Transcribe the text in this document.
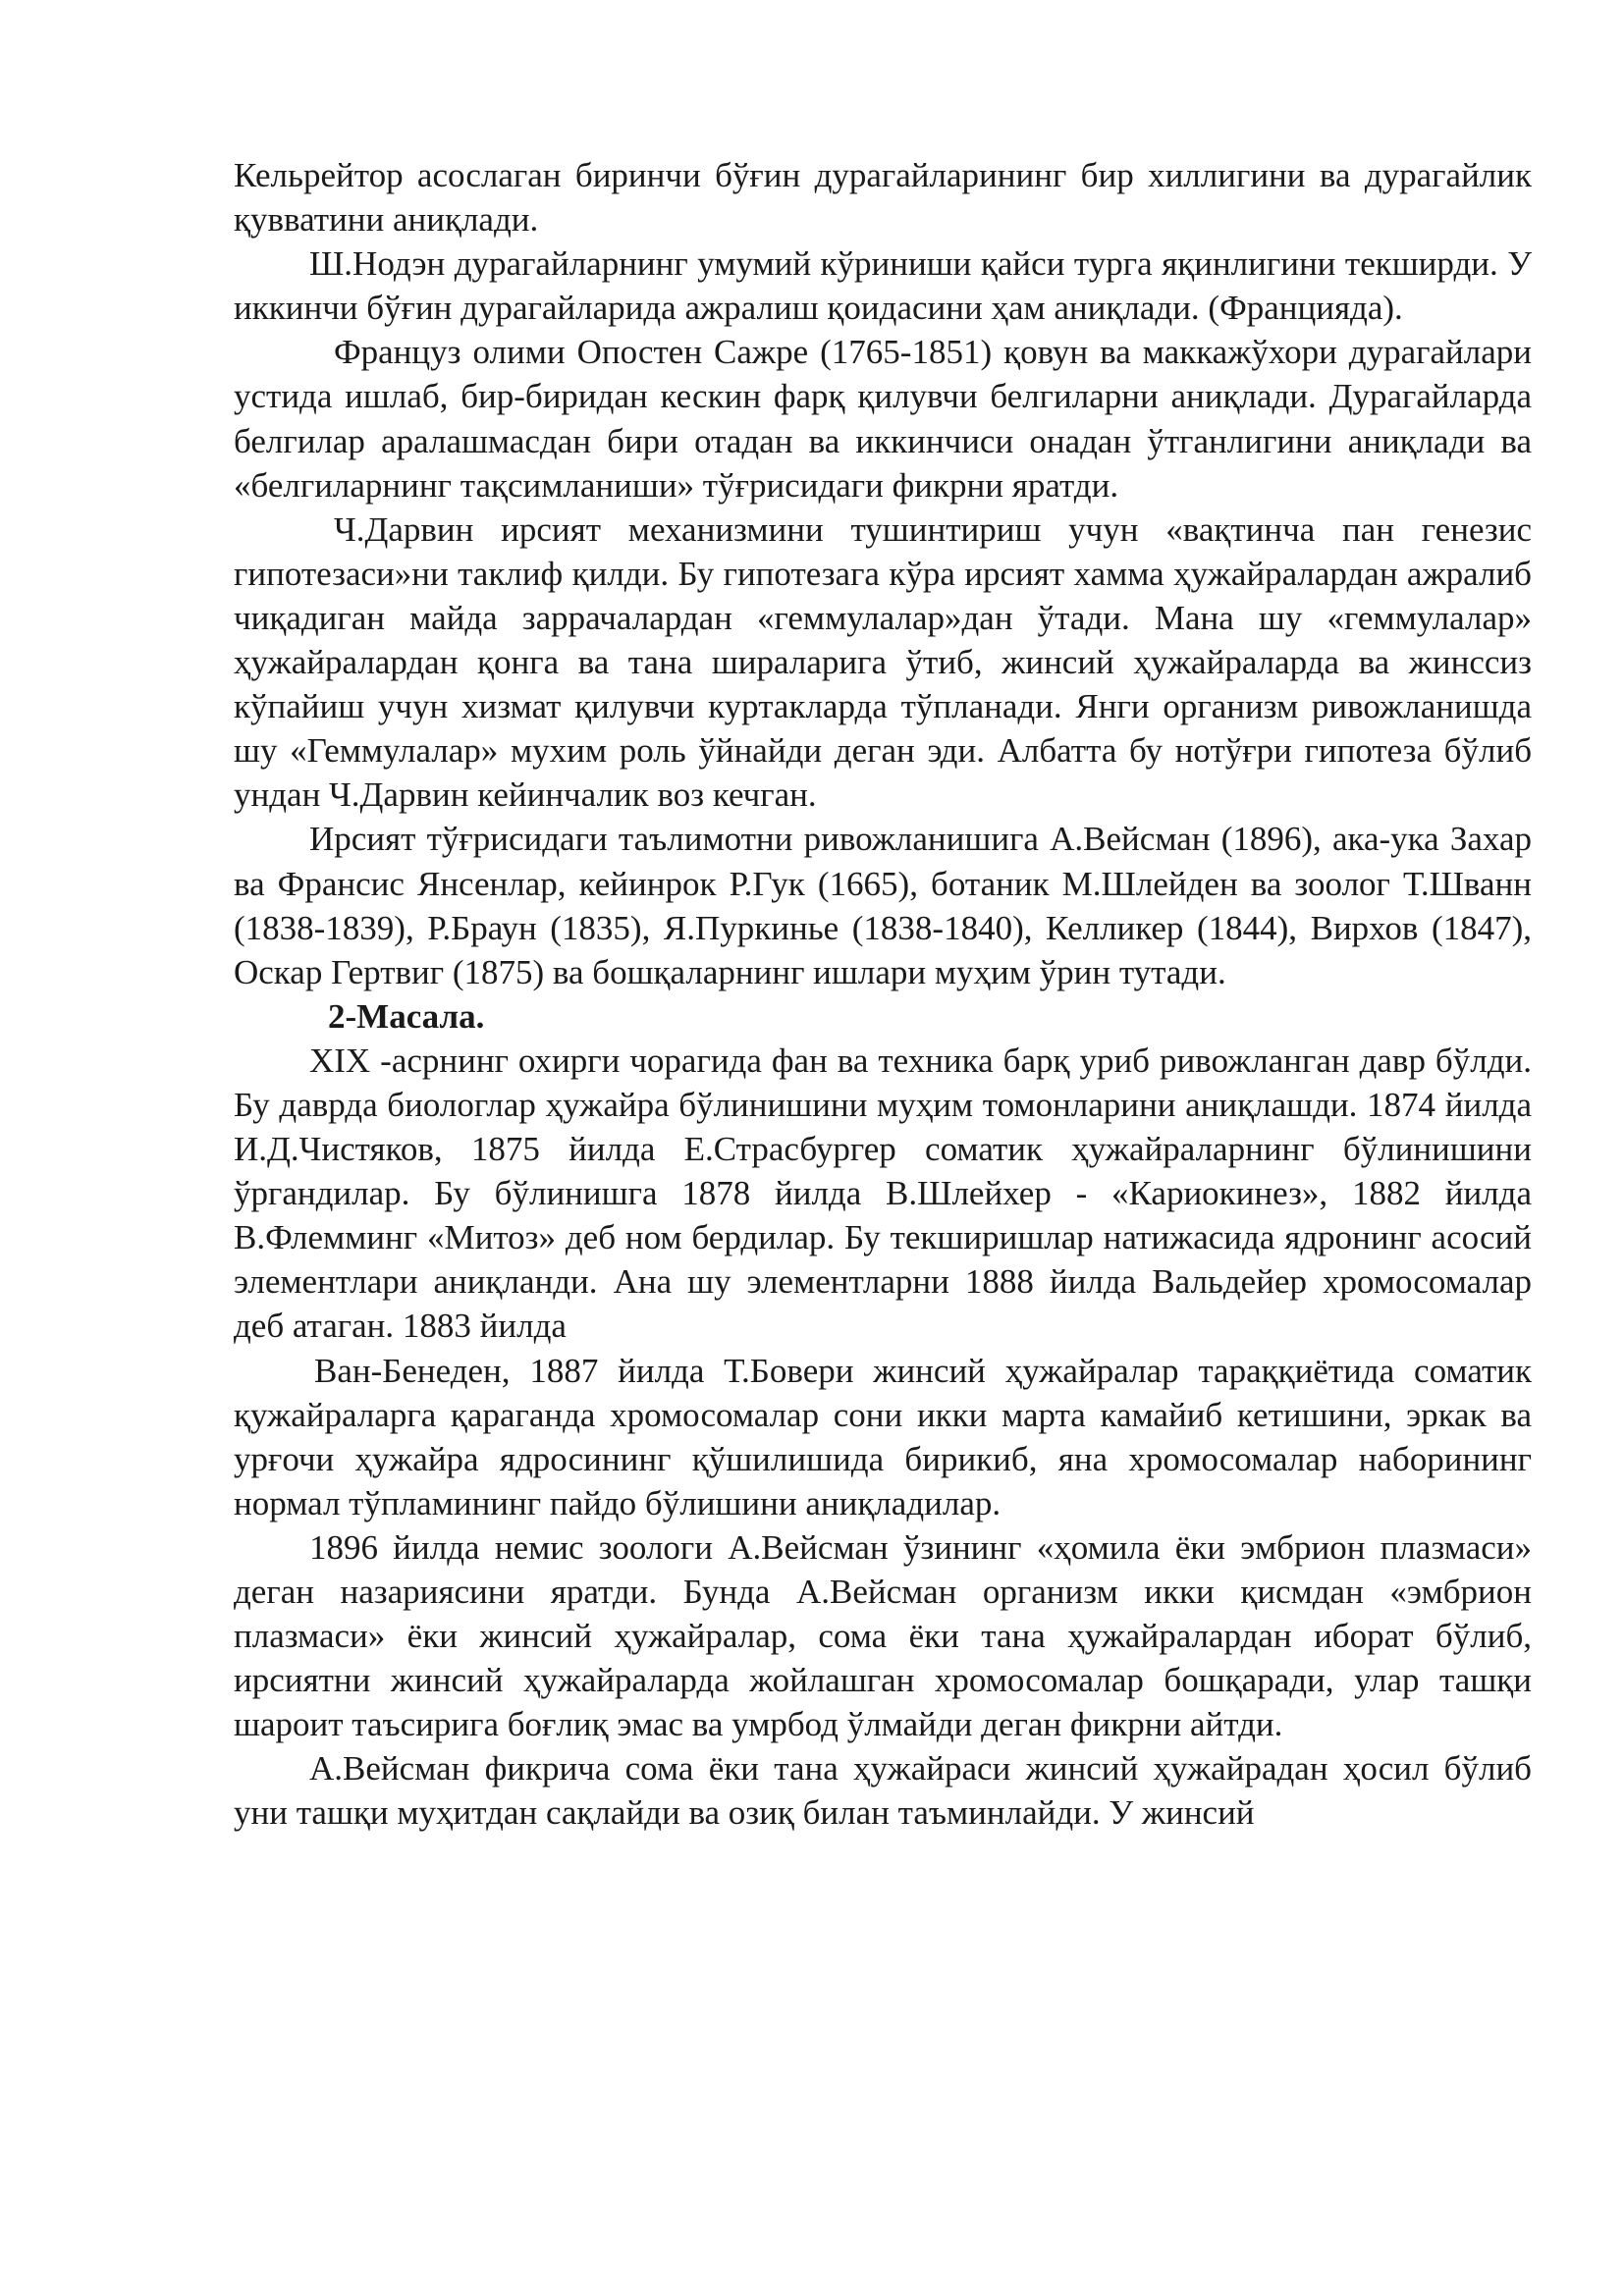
Кельрейтор асослаган биринчи бўғин дурагайларининг бир хиллигини ва дурагайлик қувватини аниқлади.

Ш.Нодэн дурагайларнинг умумий кўриниши қайси турга яқинлигини текширди. У иккинчи бўғин дурагайларида ажралиш қоидасини ҳам аниқлади. (Францияда).

Француз олими Опостен Сажре (1765-1851) қовун ва маккажўхори дурагайлари устида ишлаб, бир-биридан кескин фарқ қилувчи белгиларни аниқлади. Дурагайларда белгилар аралашмасдан бири отадан ва иккинчиси онадан ўтганлигини аниқлади ва «белгиларнинг тақсимланиши» тўғрисидаги фикрни яратди.

Ч.Дарвин ирсият механизмини тушинтириш учун «вақтинча пан генезис гипотезаси»ни таклиф қилди. Бу гипотезага кўра ирсият хамма ҳужайралардан ажралиб чиқадиган майда заррачалардан «геммулалар»дан ўтади. Мана шу «геммулалар» ҳужайралардан қонга ва тана шираларига ўтиб, жинсий ҳужайраларда ва жинссиз кўпайиш учун хизмат қилувчи куртакларда тўпланади. Янги организм ривожланишда шу «Геммулалар» мухим роль ўйнайди деган эди. Албатта бу нотўғри гипотеза бўлиб ундан Ч.Дарвин кейинчалик воз кечган.

Ирсият тўғрисидаги таълимотни ривожланишига А.Вейсман (1896), ака-ука Захар ва Франсис Янсенлар, кейинрок Р.Гук (1665), ботаник М.Шлейден ва зоолог Т.Шванн (1838-1839), Р.Браун (1835), Я.Пуркинье (1838-1840), Келликер (1844), Вирхов (1847), Оскар Гертвиг (1875) ва бошқаларнинг ишлари муҳим ўрин тутади.

2-Масала.

XIX -асрнинг охирги чорагида фан ва техника барқ уриб ривожланган давр бўлди. Бу даврда биологлар ҳужайра бўлинишини муҳим томонларини аниқлашди. 1874 йилда И.Д.Чистяков, 1875 йилда Е.Страсбургер соматик ҳужайраларнинг бўлинишини ўргандилар. Бу бўлинишга 1878 йилда В.Шлейхер - «Кариокинез», 1882 йилда В.Флемминг «Митоз» деб ном бердилар. Бу текширишлар натижасида ядронинг асосий элементлари аниқланди. Ана шу элементларни 1888 йилда Вальдейер хромосомалар деб атаган. 1883 йилда

Ван-Бенеден, 1887 йилда Т.Бовери жинсий ҳужайралар тараққиётида соматик қужайраларга қараганда хромосомалар сони икки марта камайиб кетишини, эркак ва урғочи ҳужайра ядросининг қўшилишида бирикиб, яна хромосомалар наборининг нормал тўпламининг пайдо бўлишини аниқладилар.

1896 йилда немис зоологи А.Вейсман ўзининг «ҳомила ёки эмбрион плазмаси» деган назариясини яратди. Бунда А.Вейсман организм икки қисмдан «эмбрион плазмаси» ёки жинсий ҳужайралар, сома ёки тана ҳужайралардан иборат бўлиб, ирсиятни жинсий ҳужайраларда жойлашган хромосомалар бошқаради, улар ташқи шароит таъсирига боғлиқ эмас ва умрбод ўлмайди деган фикрни айтди.

А.Вейсман фикрича сома ёки тана ҳужайраси жинсий ҳужайрадан ҳосил бўлиб уни ташқи муҳитдан сақлайди ва озиқ билан таъминлайди. У жинсий
